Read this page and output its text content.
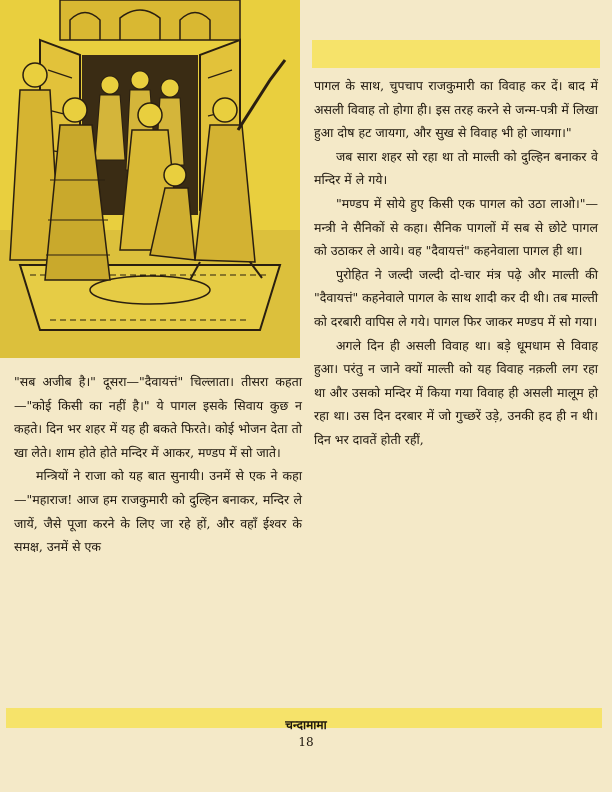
पागल के साथ, चुपचाप राजकुमारी का विवाह कर दें। बाद में असली विवाह तो होगा ही। इस तरह करने से जन्म-पत्री में लिखा हुआ दोष हट जायगा, और सुख से विवाह भी हो जायगा।"

जब सारा शहर सो रहा था तो माल्ती को दुल्हिन बनाकर वे मन्दिर में ले गये।

"मण्डप में सोये हुए किसी एक पागल को उठा लाओ।"—मन्त्री ने सैनिकों से कहा। सैनिक पागलों में सब से छोटे पागल को उठाकर ले आये। वह "दैवायत्तं" कहनेवाला पागल ही था।

पुरोहित ने जल्दी जल्दी दो-चार मंत्र पढ़े और माल्ती की "दैवायत्तं" कहनेवाले पागल के साथ शादी कर दी थी। तब माल्ती को दरबारी वापिस ले गये। पागल फिर जाकर मण्डप में सो गया।

अगले दिन ही असली विवाह था। बड़े धूमधाम से विवाह हुआ। परंतु न जाने क्यों माल्ती को यह विवाह नक़ली लग रहा था और उसको मन्दिर में किया गया विवाह ही असली मालूम हो रहा था। उस दिन दरबार में जो गुच्छरें उड़े, उनकी हद ही न थी। दिन भर दावतें होती रहीं,

"सब अजीब है।" दूसरा—"दैवायत्तं" चिल्लाता। तीसरा कहता—"कोई किसी का नहीं है।" ये पागल इसके सिवाय कुछ न कहते। दिन भर शहर में यह ही बकते फिरते। कोई भोजन देता तो खा लेते। शाम होते होते मन्दिर में आकर, मण्डप में सो जाते।

मन्त्रियों ने राजा को यह बात सुनायी। उनमें से एक ने कहा—"महाराज! आज हम राजकुमारी को दुल्हिन बनाकर, मन्दिर ले जायें, जैसे पूजा करने के लिए जा रहे हों, और वहाँ ईश्वर के समक्ष, उनमें से एक

चन्दामामा
18
